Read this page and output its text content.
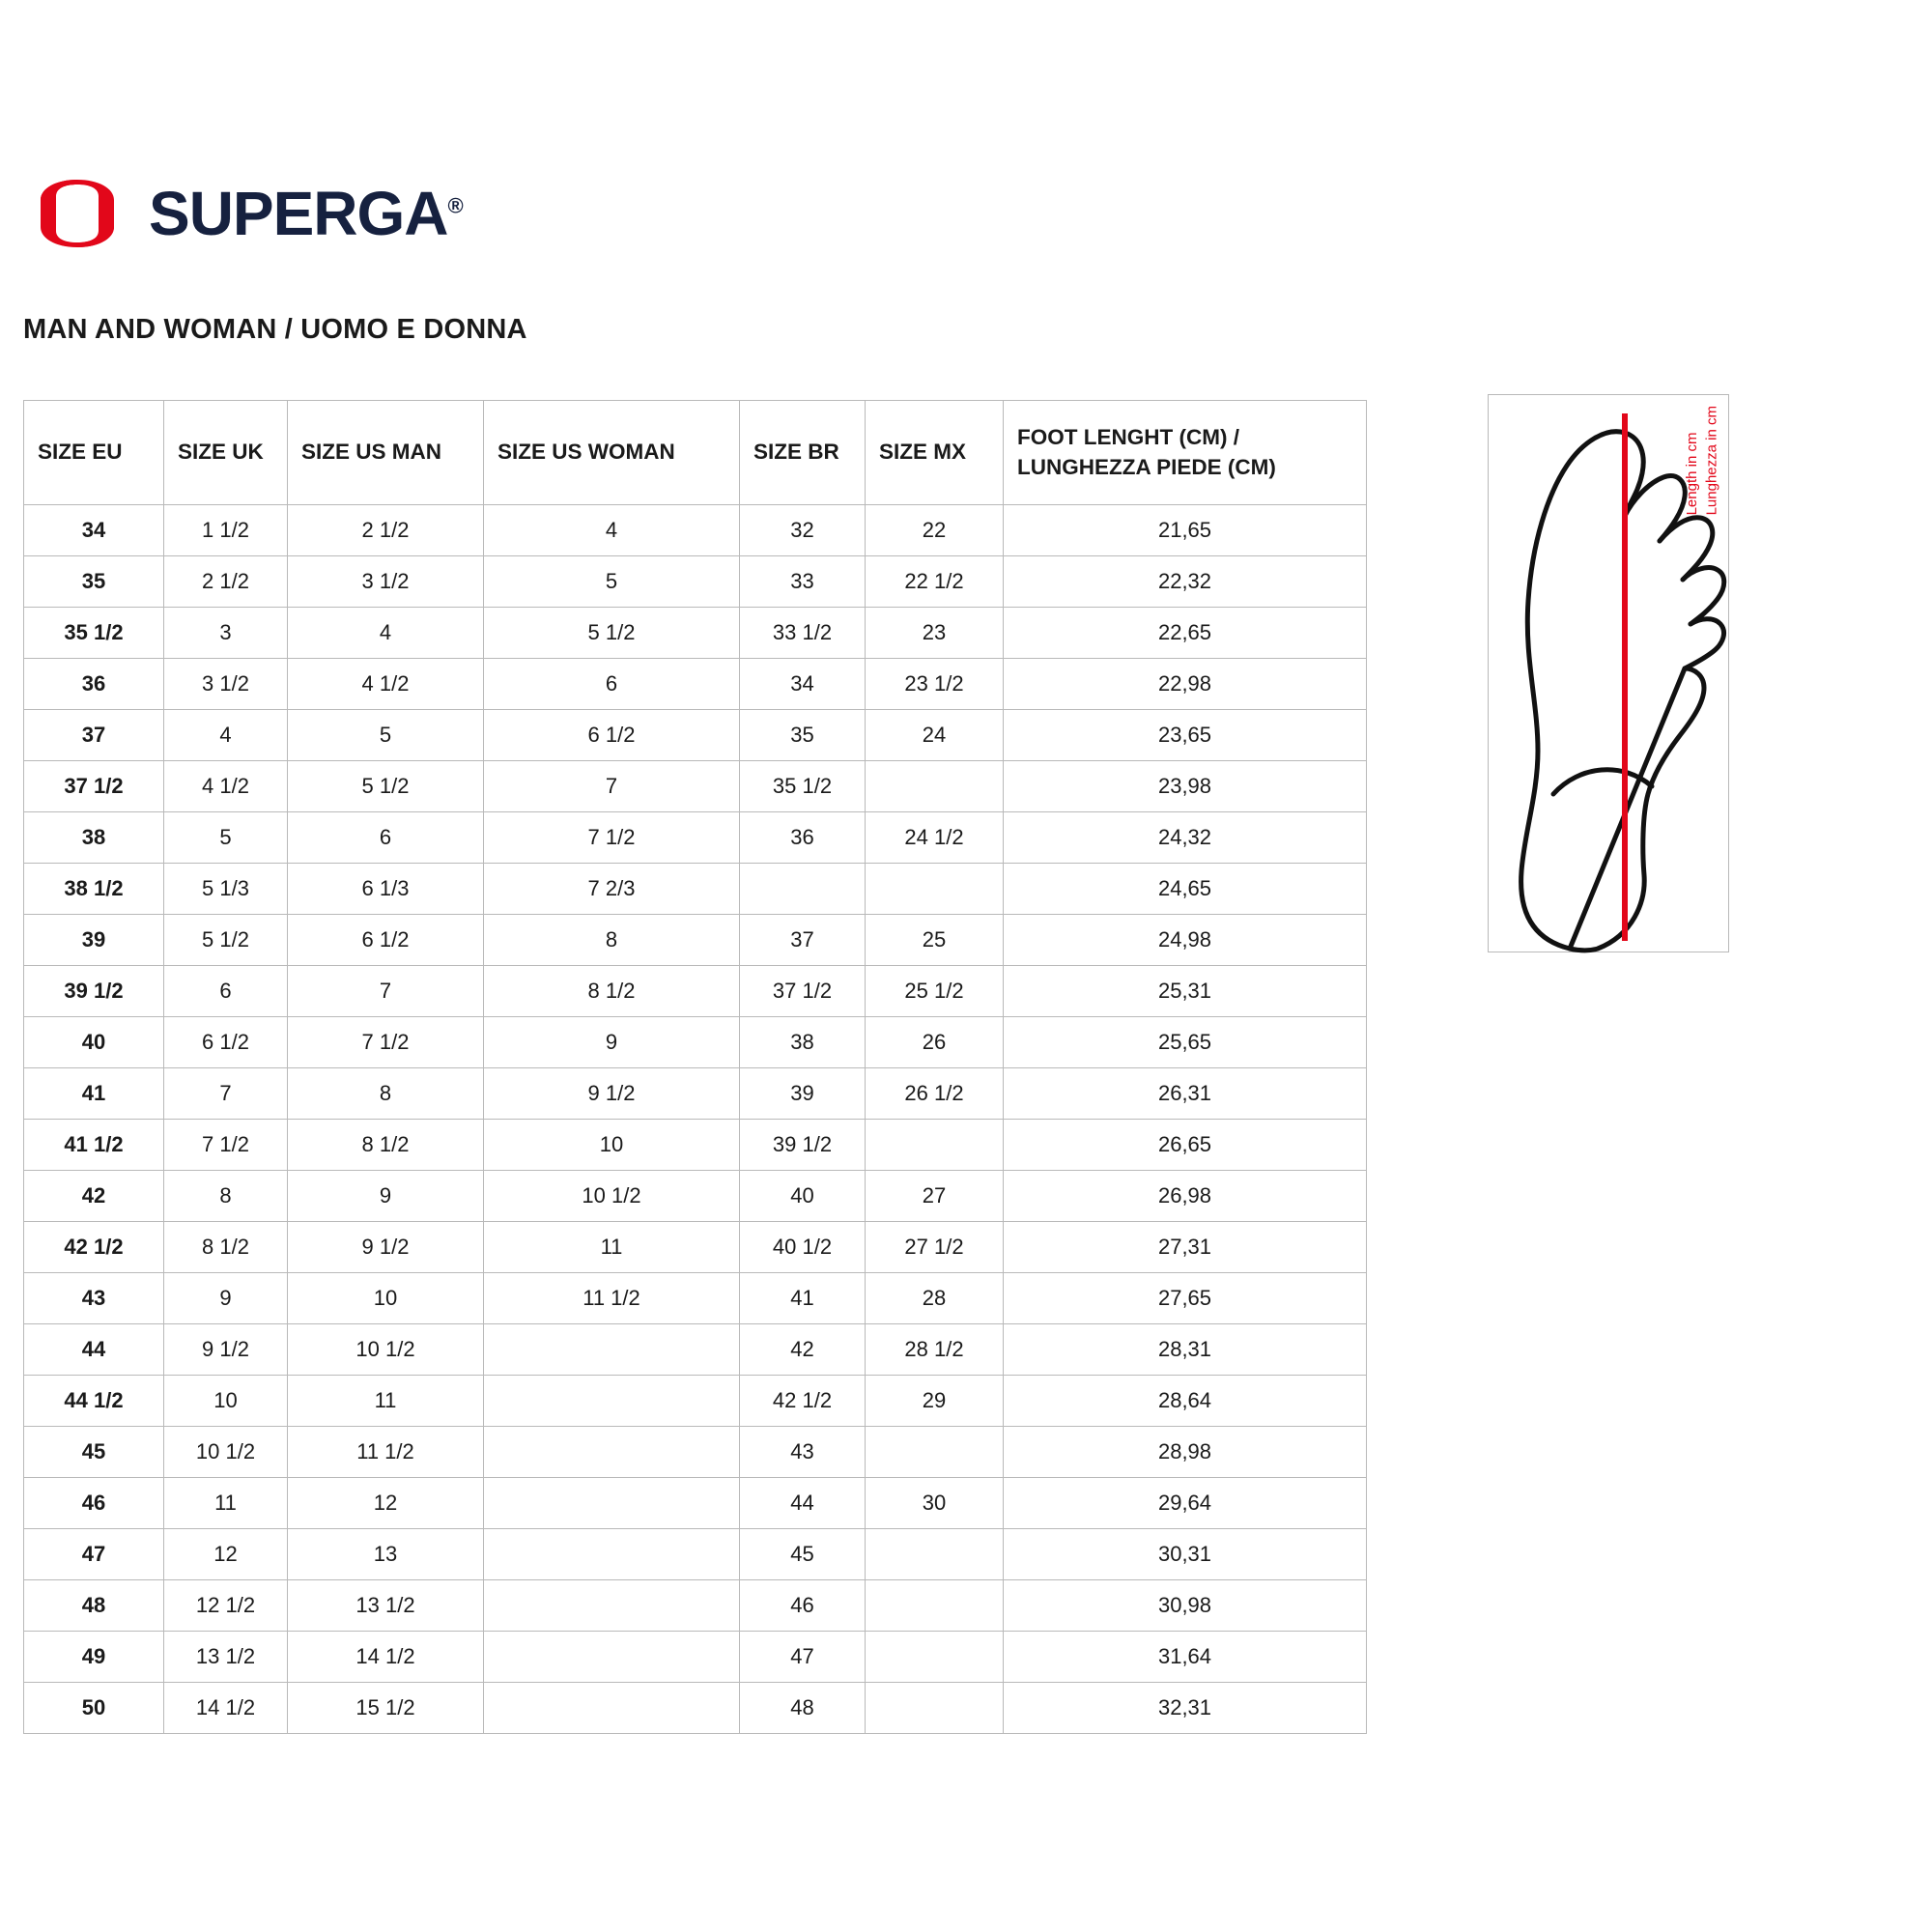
SUPERGA®
MAN AND WOMAN / UOMO E DONNA
SIZE EU	SIZE UK	SIZE US MAN	SIZE US WOMAN	SIZE BR	SIZE MX	FOOT LENGHT (CM) / LUNGHEZZA PIEDE (CM)
34	1 1/2	2 1/2	4	32	22	21,65
35	2 1/2	3 1/2	5	33	22 1/2	22,32
35 1/2	3	4	5 1/2	33 1/2	23	22,65
36	3 1/2	4 1/2	6	34	23 1/2	22,98
37	4	5	6 1/2	35	24	23,65
37 1/2	4 1/2	5 1/2	7	35 1/2		23,98
38	5	6	7 1/2	36	24 1/2	24,32
38 1/2	5 1/3	6 1/3	7 2/3			24,65
39	5 1/2	6 1/2	8	37	25	24,98
39 1/2	6	7	8 1/2	37 1/2	25 1/2	25,31
40	6 1/2	7 1/2	9	38	26	25,65
41	7	8	9 1/2	39	26 1/2	26,31
41 1/2	7 1/2	8 1/2	10	39 1/2		26,65
42	8	9	10 1/2	40	27	26,98
42 1/2	8 1/2	9 1/2	11	40 1/2	27 1/2	27,31
43	9	10	11 1/2	41	28	27,65
44	9 1/2	10 1/2		42	28 1/2	28,31
44 1/2	10	11		42 1/2	29	28,64
45	10 1/2	11 1/2		43		28,98
46	11	12		44	30	29,64
47	12	13		45		30,31
48	12 1/2	13 1/2		46		30,98
49	13 1/2	14 1/2		47		31,64
50	14 1/2	15 1/2		48		32,31
Length in cm Lunghezza in cm
